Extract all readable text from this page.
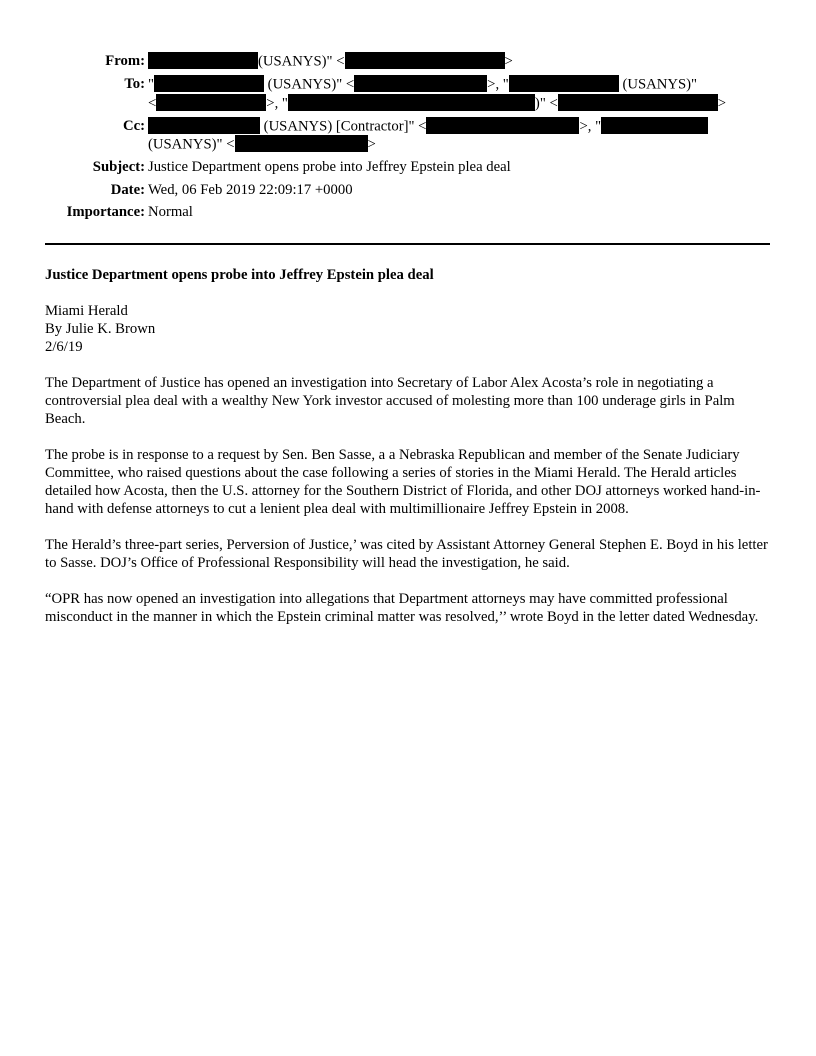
From:	(USANYS)" <	>
To: "	(USANYS)" <	>, "	(USANYS)"
<	>, "	)" <	>
Cc:	(USANYS) [Contractor]" <	>, "
(USANYS)" <	>
Subject: Justice Department opens probe into Jeffrey Epstein plea deal
Date: Wed, 06 Feb 2019 22:09:17 +0000
Importance: Normal
Justice Department opens probe into Jeffrey Epstein plea deal
Miami Herald
By Julie K. Brown
2/6/19
The Department of Justice has opened an investigation into Secretary of Labor Alex Acosta’s role in negotiating a controversial plea deal with a wealthy New York investor accused of molesting more than 100 underage girls in Palm Beach.
The probe is in response to a request by Sen. Ben Sasse, a a Nebraska Republican and member of the Senate Judiciary Committee, who raised questions about the case following a series of stories in the Miami Herald. The Herald articles detailed how Acosta, then the U.S. attorney for the Southern District of Florida, and other DOJ attorneys worked hand-in-hand with defense attorneys to cut a lenient plea deal with multimillionaire Jeffrey Epstein in 2008.
The Herald’s three-part series, Perversion of Justice,’ was cited by Assistant Attorney General Stephen E. Boyd in his letter to Sasse. DOJ’s Office of Professional Responsibility will head the investigation, he said.
“OPR has now opened an investigation into allegations that Department attorneys may have committed professional misconduct in the manner in which the Epstein criminal matter was resolved,’’ wrote Boyd in the letter dated Wednesday.
